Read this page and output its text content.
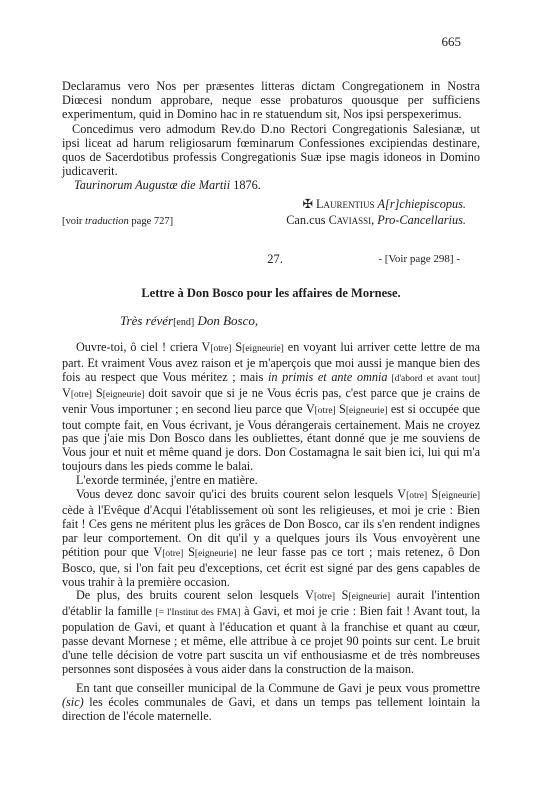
665

Declaramus vero Nos per præsentes litteras dictam Congregationem in Nostra Diœcesi nondum approbare, neque esse probaturos quousque per sufficiens experimentum, quid in Domino hac in re statuendum sit, Nos ipsi perspexerimus.

Concedimus vero admodum Rev.do D.no Rectori Congregationis Salesianæ, ut ipsi liceat ad harum religiosarum fœminarum Confessiones excipiendas destinare, quos de Sacerdotibus professis Congregationis Suæ ipse magis idoneos in Domino judicaverit.

Taurinorum Augustæ die Martii 1876.

✠ Laurentius A[r]chiepiscopus.
[voir traduction page 727]	Can.cus Caviassi, Pro-Cancellarius.
27.	- [Voir page 298] -
Lettre à Don Bosco pour les affaires de Mornese.
Très révér[end] Don Bosco,

Ouvre-toi, ô ciel ! criera V[otre] S[eigneurie] en voyant lui arriver cette lettre de ma part. Et vraiment Vous avez raison et je m'aperçois que moi aussi je manque bien des fois au respect que Vous méritez ; mais in primis et ante omnia [d'abord et avant tout] V[otre] S[eigneurie] doit savoir que si je ne Vous écris pas, c'est parce que je crains de venir Vous importuner ; en second lieu parce que V[otre] S[eigneurie] est si occupée que tout compte fait, en Vous écrivant, je Vous dérangerais certainement. Mais ne croyez pas que j'aie mis Don Bosco dans les oubliettes, étant donné que je me souviens de Vous jour et nuit et même quand je dors. Don Costamagna le sait bien ici, lui qui m'a toujours dans les pieds comme le balai.

L'exorde terminée, j'entre en matière.

Vous devez donc savoir qu'ici des bruits courent selon lesquels V[otre] S[eigneurie] cède à l'Evêque d'Acqui l'établissement où sont les religieuses, et moi je crie : Bien fait ! Ces gens ne méritent plus les grâces de Don Bosco, car ils s'en rendent indignes par leur comportement. On dit qu'il y a quelques jours ils Vous envoyèrent une pétition pour que V[otre] S[eigneurie] ne leur fasse pas ce tort ; mais retenez, ô Don Bosco, que, si l'on fait peu d'exceptions, cet écrit est signé par des gens capables de vous trahir à la première occasion.

De plus, des bruits courent selon lesquels V[otre] S[eigneurie] aurait l'intention d'établir la famille [= l'Institut des FMA] à Gavi, et moi je crie : Bien fait ! Avant tout, la population de Gavi, et quant à l'éducation et quant à la franchise et quant au cœur, passe devant Mornese ; et même, elle attribue à ce projet 90 points sur cent. Le bruit d'une telle décision de votre part suscita un vif enthousiasme et de très nombreuses personnes sont disposées à vous aider dans la construction de la maison.

En tant que conseiller municipal de la Commune de Gavi je peux vous promettre (sic) les écoles communales de Gavi, et dans un temps pas tellement lointain la direction de l'école maternelle.
